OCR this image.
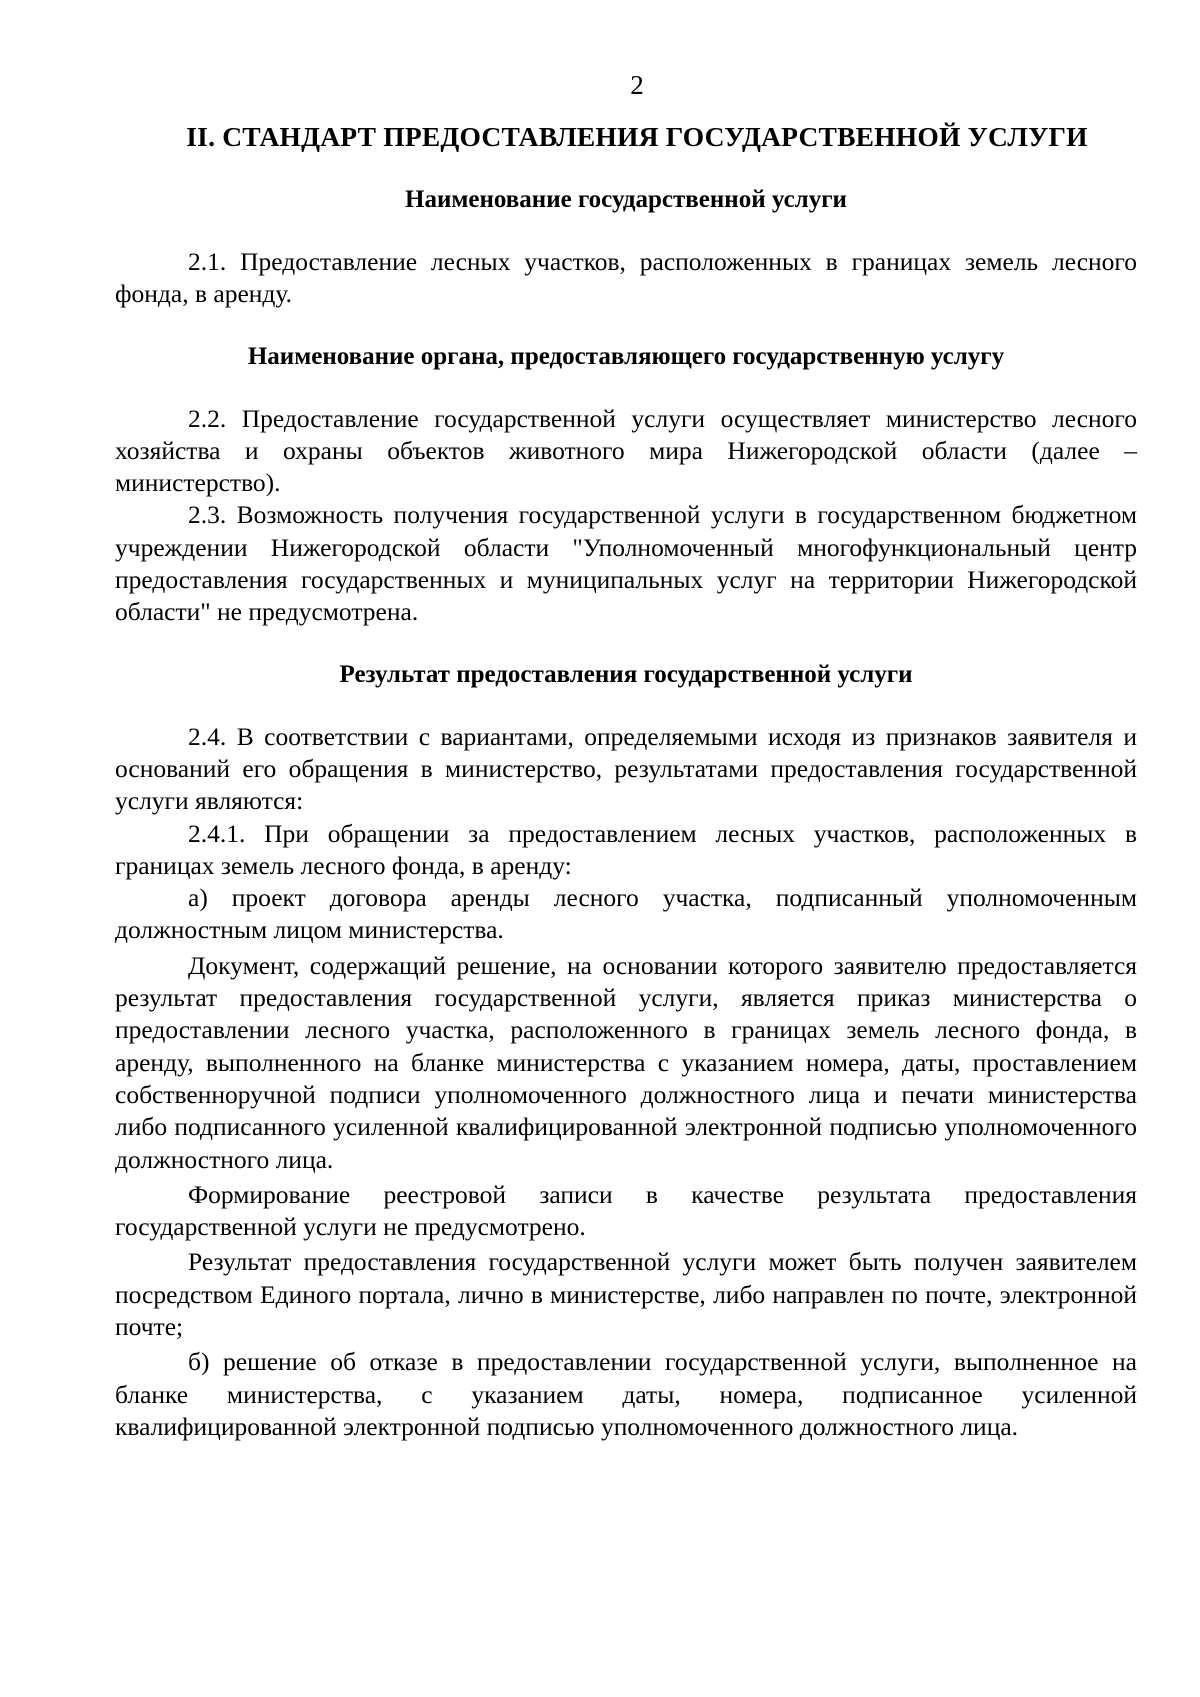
2
II. СТАНДАРТ ПРЕДОСТАВЛЕНИЯ ГОСУДАРСТВЕННОЙ УСЛУГИ
Наименование государственной услуги

2.1. Предоставление лесных участков, расположенных в границах земель лесного фонда, в аренду.

Наименование органа, предоставляющего государственную услугу

2.2. Предоставление государственной услуги осуществляет министерство лесного хозяйства и охраны объектов животного мира Нижегородской области (далее – министерство).

2.3. Возможность получения государственной услуги в государственном бюджетном учреждении Нижегородской области "Уполномоченный многофункциональный центр предоставления государственных и муниципальных услуг на территории Нижегородской области" не предусмотрена.

Результат предоставления государственной услуги

2.4. В соответствии с вариантами, определяемыми исходя из признаков заявителя и оснований его обращения в министерство, результатами предоставления государственной услуги являются:

2.4.1. При обращении за предоставлением лесных участков, расположенных в границах земель лесного фонда, в аренду:

а) проект договора аренды лесного участка, подписанный уполномоченным должностным лицом министерства.

Документ, содержащий решение, на основании которого заявителю предоставляется результат предоставления государственной услуги, является приказ министерства о предоставлении лесного участка, расположенного в границах земель лесного фонда, в аренду, выполненного на бланке министерства с указанием номера, даты, проставлением собственноручной подписи уполномоченного должностного лица и печати министерства либо подписанного усиленной квалифицированной электронной подписью уполномоченного должностного лица.

Формирование реестровой записи в качестве результата предоставления государственной услуги не предусмотрено.

Результат предоставления государственной услуги может быть получен заявителем посредством Единого портала, лично в министерстве, либо направлен по почте, электронной почте;

б) решение об отказе в предоставлении государственной услуги, выполненное на бланке министерства, с указанием даты, номера, подписанное усиленной квалифицированной электронной подписью уполномоченного должностного лица.
